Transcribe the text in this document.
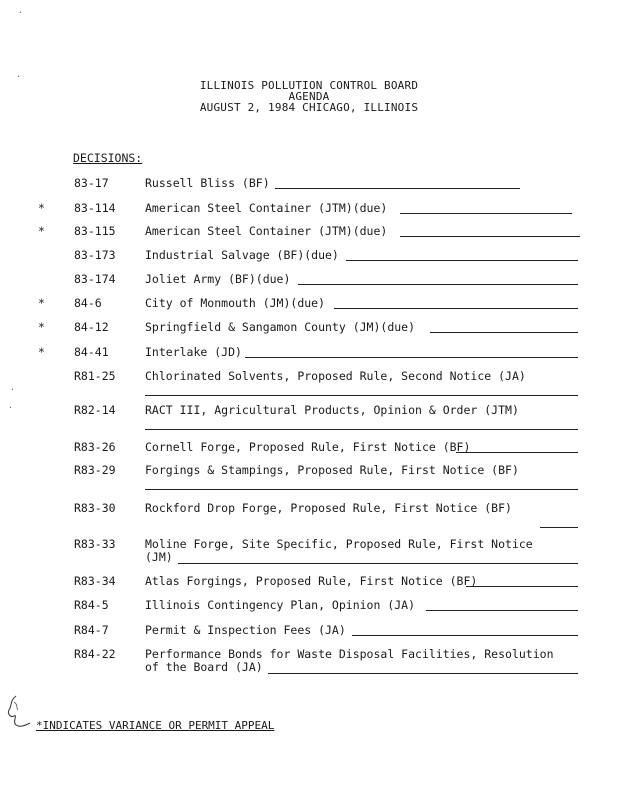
ILLINOIS POLLUTION CONTROL BOARD
AGENDA
AUGUST 2, 1984 CHICAGO, ILLINOIS
DECISIONS:
83-17	Russell Bliss (BF)
*	83-114	American Steel Container (JTM)(due)
*	83-115	American Steel Container (JTM)(due)
83-173	Industrial Salvage (BF)(due)
83-174	Joliet Army (BF)(due)
*	84-6	City of Monmouth (JM)(due)
*	84-12	Springfield & Sangamon County (JM)(due)
*	84-41	Interlake (JD)
R81-25	Chlorinated Solvents, Proposed Rule, Second Notice (JA)
R82-14	RACT III, Agricultural Products, Opinion & Order (JTM)
R83-26	Cornell Forge, Proposed Rule, First Notice (BF)
R83-29	Forgings & Stampings, Proposed Rule, First Notice (BF)
R83-30	Rockford Drop Forge, Proposed Rule, First Notice (BF)
R83-33	Moline Forge, Site Specific, Proposed Rule, First Notice
(JM)
R83-34	Atlas Forgings, Proposed Rule, First Notice (BF)
R84-5	Illinois Contingency Plan, Opinion (JA)
R84-7	Permit & Inspection Fees (JA)
R84-22	Performance Bonds for Waste Disposal Facilities, Resolution
of the Board (JA)
*INDICATES VARIANCE OR PERMIT APPEAL
·
·
·
·
